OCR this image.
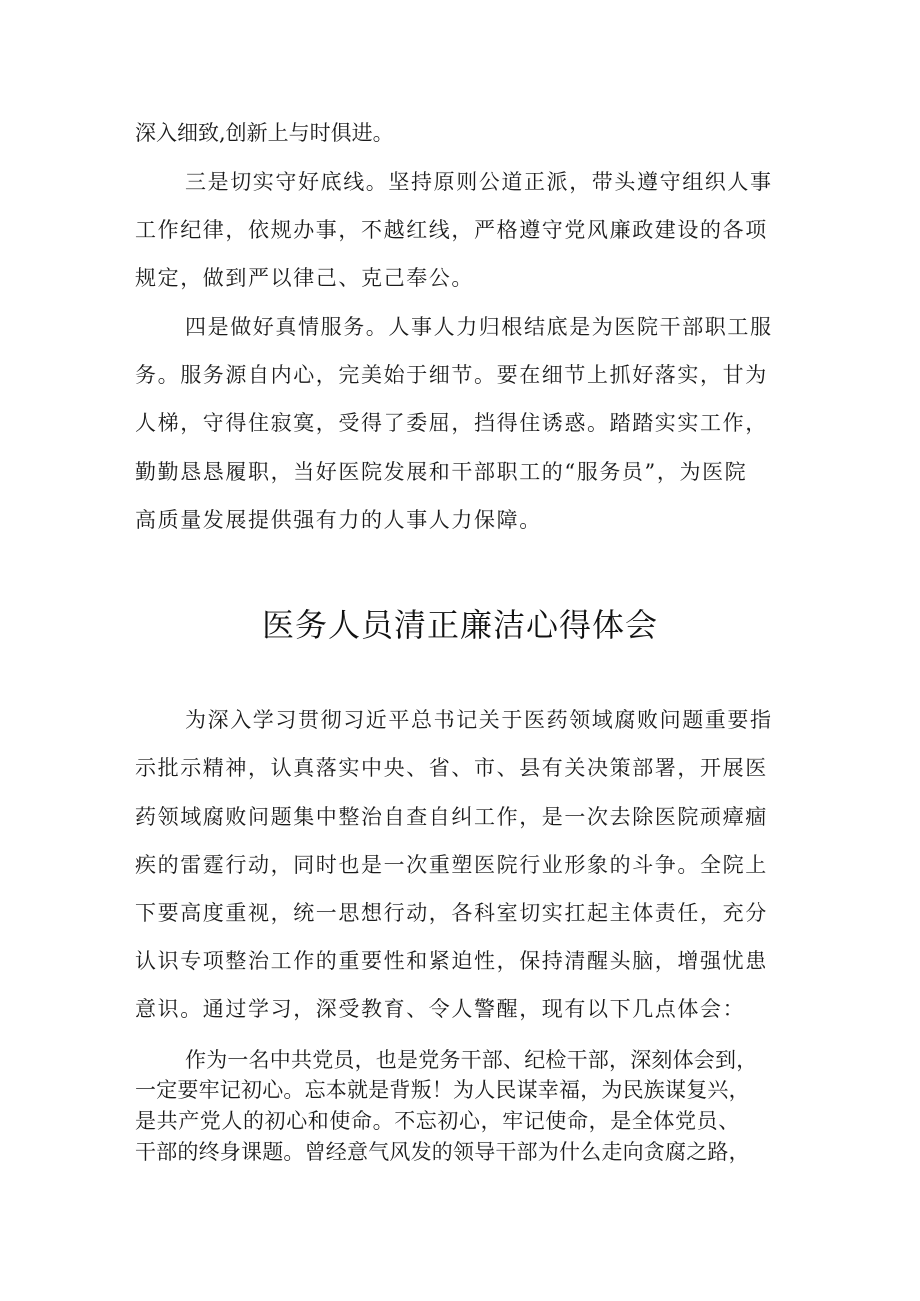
深入细致,创新上与时俱进。
三是切实守好底线。坚持原则公道正派，带头遵守组织人事
工作纪律，依规办事，不越红线，严格遵守党风廉政建设的各项
规定，做到严以律己、克己奉公。
四是做好真情服务。人事人力归根结底是为医院干部职工服
务。服务源自内心，完美始于细节。要在细节上抓好落实，甘为
人梯，守得住寂寞，受得了委屈，挡得住诱惑。踏踏实实工作，
勤勤恳恳履职，当好医院发展和干部职工的“服务员”，为医院
高质量发展提供强有力的人事人力保障。
医务人员清正廉洁心得体会
为深入学习贯彻习近平总书记关于医药领域腐败问题重要指
示批示精神，认真落实中央、省、市、县有关决策部署，开展医
药领域腐败问题集中整治自查自纠工作，是一次去除医院顽瘴痼
疾的雷霆行动，同时也是一次重塑医院行业形象的斗争。全院上
下要高度重视，统一思想行动，各科室切实扛起主体责任，充分
认识专项整治工作的重要性和紧迫性，保持清醒头脑，增强忧患
意识。通过学习，深受教育、令人警醒，现有以下几点体会：
作为一名中共党员，也是党务干部、纪检干部，深刻体会到，
一定要牢记初心。忘本就是背叛！为人民谋幸福，为民族谋复兴，
是共产党人的初心和使命。不忘初心，牢记使命，是全体党员、
干部的终身课题。曾经意气风发的领导干部为什么走向贪腐之路，
